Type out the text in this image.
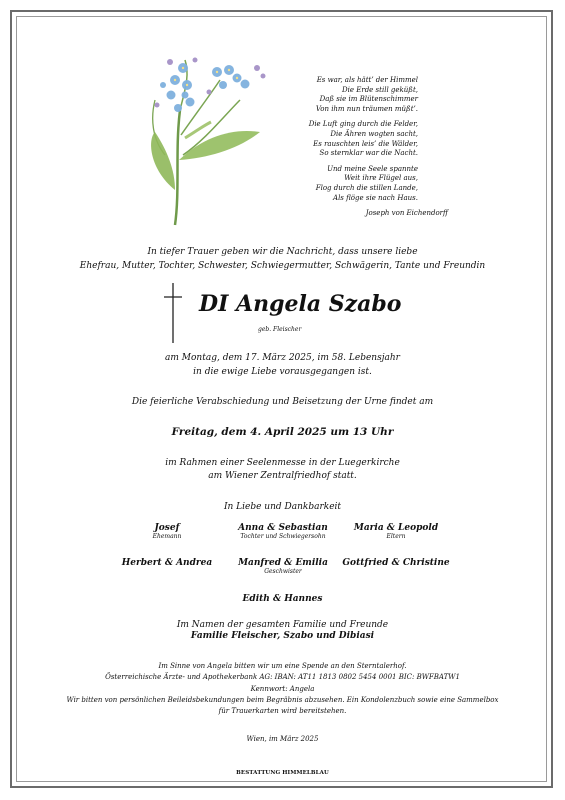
Es war, als hätt’ der Himmel
Die Erde still geküßt,
Daß sie im Blütenschimmer
Von ihm nun träumen müßt’.
Die Luft ging durch die Felder,
Die Ähren wogten sacht,
Es rauschten leis’ die Wälder,
So sternklar war die Nacht.
Und meine Seele spannte
Weit ihre Flügel aus,
Flog durch die stillen Lande,
Als flöge sie nach Haus.
Joseph von Eichendorff
In tiefer Trauer geben wir die Nachricht, dass unsere liebe
Ehefrau, Mutter, Tochter, Schwester, Schwiegermutter, Schwägerin, Tante und Freundin
DI Angela Szabo
geb. Fleischer
am Montag, dem 17. März 2025, im 58. Lebensjahr
in die ewige Liebe vorausgegangen ist.
Die feierliche Verabschiedung und Beisetzung der Urne findet am
Freitag, dem 4. April 2025 um 13 Uhr
im Rahmen einer Seelenmesse in der Luegerkirche
am Wiener Zentralfriedhof statt.
In Liebe und Dankbarkeit
Josef
Ehemann
Anna & Sebastian
Tochter und Schwiegersohn
Maria & Leopold
Eltern
Herbert & Andrea	Manfred & Emilia
Geschwister
Gottfried & Christine
Edith & Hannes
Im Namen der gesamten Familie und Freunde
Familie Fleischer, Szabo und Dibiasi
Im Sinne von Angela bitten wir um eine Spende an den Sterntalerhof.
Österreichische Ärzte- und Apothekerbank AG: IBAN: AT11 1813 0802 5454 0001 BIC: BWFBATW1
Kennwort: Angela
Wir bitten von persönlichen Beileidsbekundungen beim Begräbnis abzusehen. Ein Kondolenzbuch sowie eine Sammelbox
für Trauerkarten wird bereitstehen.
Wien, im März 2025
BESTATTUNG HIMMELBLAU
